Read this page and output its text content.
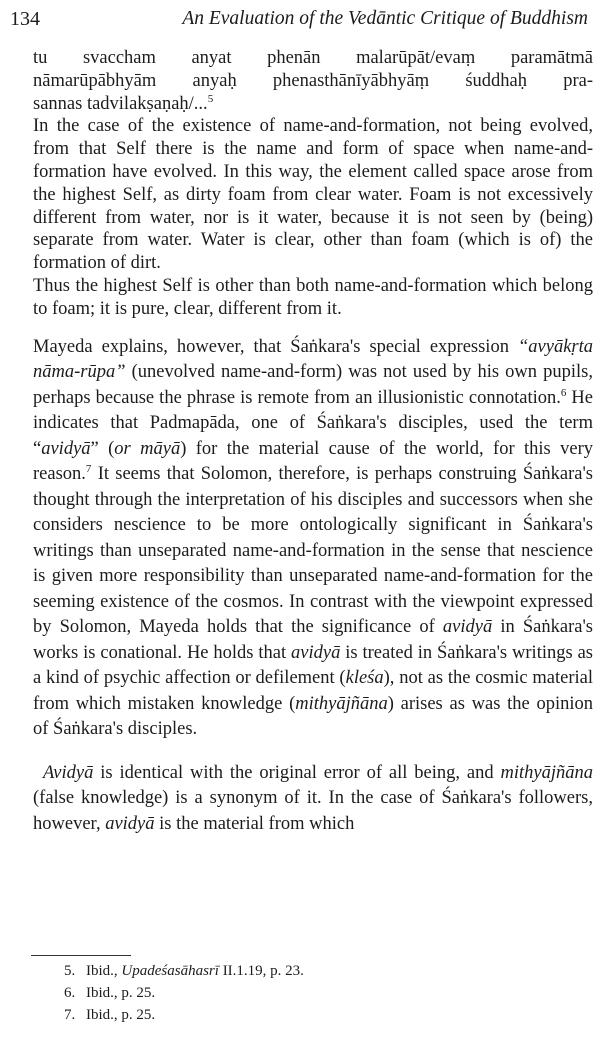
134	An Evaluation of the Vedāntic Critique of Buddhism
tu svaccham anyat phenān malarūpāt/evaṃ paramātmā
nāmarūpābhyām anyaḥ phenasthānīyābhyāṃ śuddhaḥ pra-
sannas tadvilakṣaṇaḥ/...$^5$

In the case of the existence of name-and-formation, not being evolved, from that Self there is the name and form of space when name-and-formation have evolved. In this way, the element called space arose from the highest Self, as dirty foam from clear water. Foam is not excessively different from water, nor is it water, because it is not seen by (being) separate from water. Water is clear, other than foam (which is of) the formation of dirt.

Thus the highest Self is other than both name-and-formation which belong to foam; it is pure, clear, different from it.

Mayeda explains, however, that Śaṅkara's special expression “avyākṛta nāma-rūpa” (unevolved name-and-form) was not used by his own pupils, perhaps because the phrase is remote from an illusionistic connotation.$^6$ He indicates that Padmapāda, one of Śaṅkara's disciples, used the term “avidyā” (or māyā) for the material cause of the world, for this very reason.$^7$ It seems that Solomon, therefore, is perhaps construing Śaṅkara's thought through the interpretation of his disciples and successors when she considers nescience to be more ontologically significant in Śaṅkara's writings than unseparated name-and-formation in the sense that nescience is given more responsibility than unseparated name-and-formation for the seeming existence of the cosmos. In contrast with the viewpoint expressed by Solomon, Mayeda holds that the significance of avidyā in Śaṅkara's works is conational. He holds that avidyā is treated in Śaṅkara's writings as a kind of psychic affection or defilement (kleśa), not as the cosmic material from which mistaken knowledge (mithyājñāna) arises as was the opinion of Śaṅkara's disciples.

Avidyā is identical with the original error of all being, and mithyājñāna (false knowledge) is a synonym of it. In the case of Śaṅkara's followers, however, avidyā is the material from which

5. Ibid., Upadeśasāhasrī II.1.19, p. 23.
6. Ibid., p. 25.
7. Ibid., p. 25.
